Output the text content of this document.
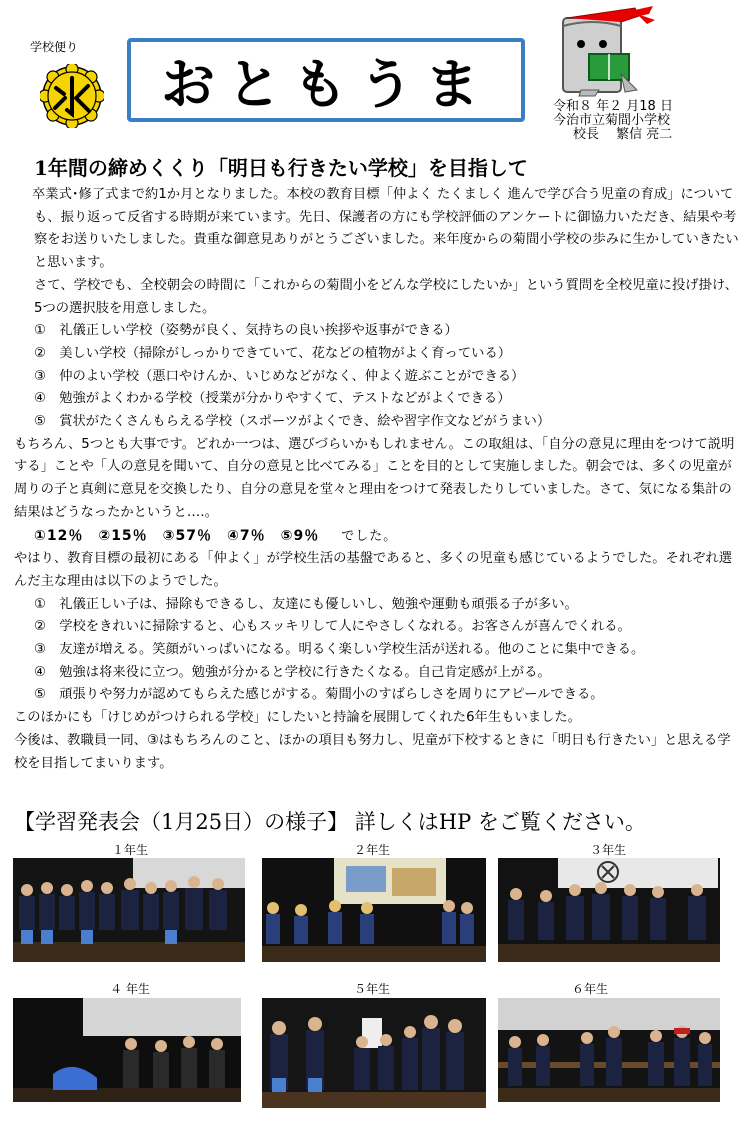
学校便り
おともうま	令和８ 年２ 月18 日
今治市立菊間小学校
校長　 繁信 亮二
1年間の締めくくり「明日も行きたい学校」を目指して

卒業式･修了式まで約1か月となりました。本校の教育目標「仲よく たくましく 進んで学び合う児童の育成」についても、振り返って反省する時期が来ています。先日、保護者の方にも学校評価のアンケートに御協力いただき、結果や考察をお送りいたしました。貴重な御意見ありがとうございました。来年度からの菊間小学校の歩みに生かしていきたいと思います。

さて、学校でも、全校朝会の時間に「これからの菊間小をどんな学校にしたいか」という質問を全校児童に投げ掛け、5つの選択肢を用意しました。

①　礼儀正しい学校（姿勢が良く、気持ちの良い挨拶や返事ができる）

②　美しい学校（掃除がしっかりできていて、花などの植物がよく育っている）

③　仲のよい学校（悪口やけんか、いじめなどがなく、仲よく遊ぶことができる）

④　勉強がよくわかる学校（授業が分かりやすくて、テストなどがよくできる）

⑤　賞状がたくさんもらえる学校（スポーツがよくでき、絵や習字作文などがうまい）

もちろん、5つとも大事です。どれか一つは、選びづらいかもしれません。この取組は、「自分の意見に理由をつけて説明する」ことや「人の意見を聞いて、自分の意見と比べてみる」ことを目的として実施しました。朝会では、多くの児童が周りの子と真剣に意見を交換したり、自分の意見を堂々と理由をつけて発表したりしていました。さて、気になる集計の結果はどうなったかというと‥‥。

①12％　②15％　③57％　④7％　⑤9％ でした。

やはり、教育目標の最初にある「仲よく」が学校生活の基盤であると、多くの児童も感じているようでした。それぞれ選んだ主な理由は以下のようでした。

①　礼儀正しい子は、掃除もできるし、友達にも優しいし、勉強や運動も頑張る子が多い。

②　学校をきれいに掃除すると、心もスッキリして人にやさしくなれる。お客さんが喜んでくれる。

③　友達が増える。笑顔がいっぱいになる。明るく楽しい学校生活が送れる。他のことに集中できる。

④　勉強は将来役に立つ。勉強が分かると学校に行きたくなる。自己肯定感が上がる。

⑤　頑張りや努力が認めてもらえた感じがする。菊間小のすばらしさを周りにアピールできる。

このほかにも「けじめがつけられる学校」にしたいと持論を展開してくれた6年生もいました。

今後は、教職員一同、③はもちろんのこと、ほかの項目も努力し、児童が下校するときに「明日も行きたい」と思える学校を目指してまいります。

【学習発表会（1月25日）の様子】 詳しくはHP をご覧ください。
１年生	２年生	３年生
４ 年生	５年生	６年生
